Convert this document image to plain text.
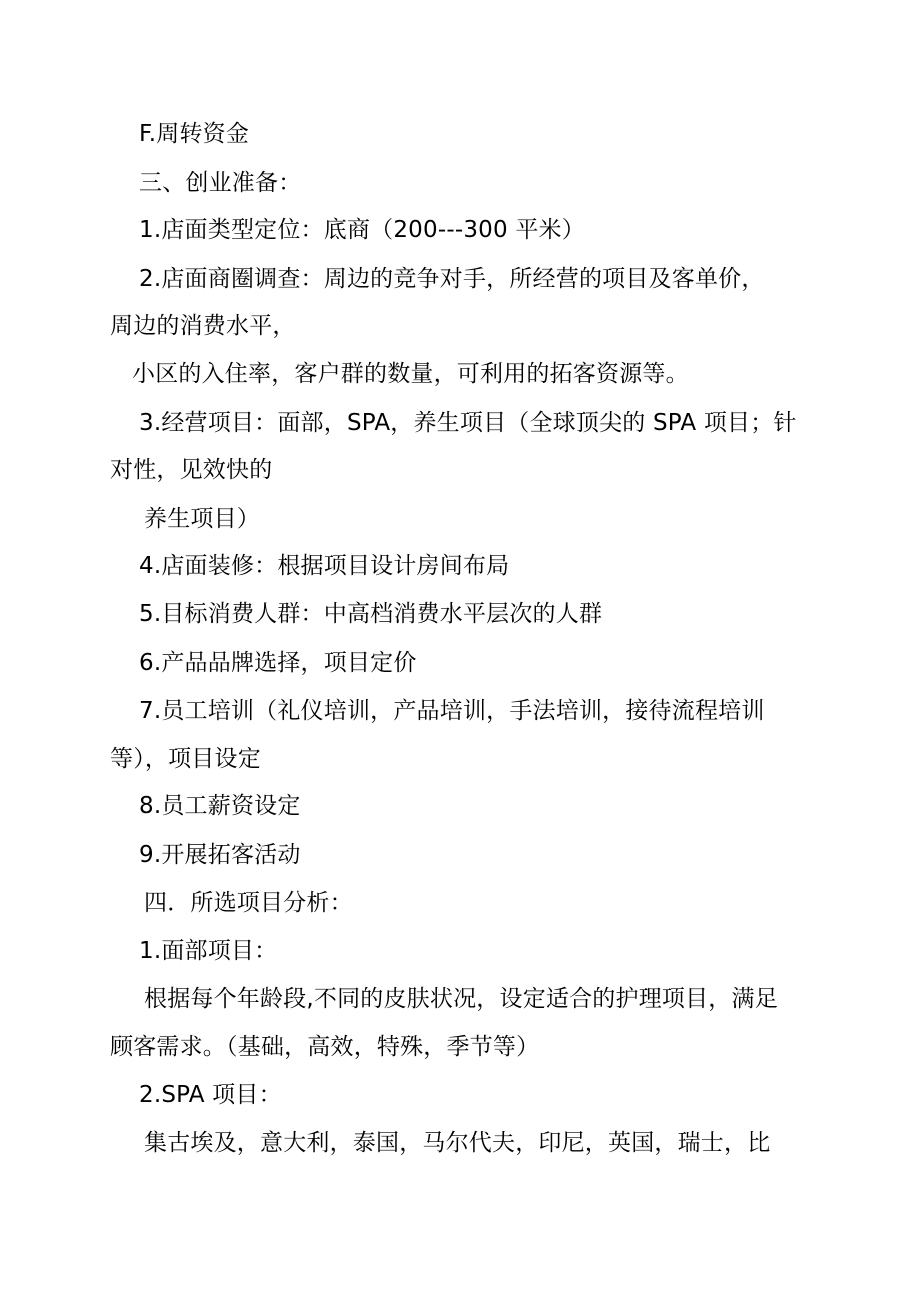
F.周转资金
三、创业准备：
1.店面类型定位：底商（200---300 平米）
2.店面商圈调查：周边的竞争对手，所经营的项目及客单价，
周边的消费水平，
小区的入住率，客户群的数量，可利用的拓客资源等。
3.经营项目：面部，SPA，养生项目（全球顶尖的 SPA 项目；针
对性，见效快的
养生项目）
4.店面装修：根据项目设计房间布局
5.目标消费人群：中高档消费水平层次的人群
6.产品品牌选择，项目定价
7.员工培训（礼仪培训，产品培训，手法培训，接待流程培训
等），项目设定
8.员工薪资设定
9.开展拓客活动
四．所选项目分析：
1.面部项目：
根据每个年龄段,不同的皮肤状况，设定适合的护理项目，满足
顾客需求。（基础，高效，特殊，季节等）
2.SPA 项目：
集古埃及，意大利，泰国，马尔代夫，印尼，英国，瑞士，比
